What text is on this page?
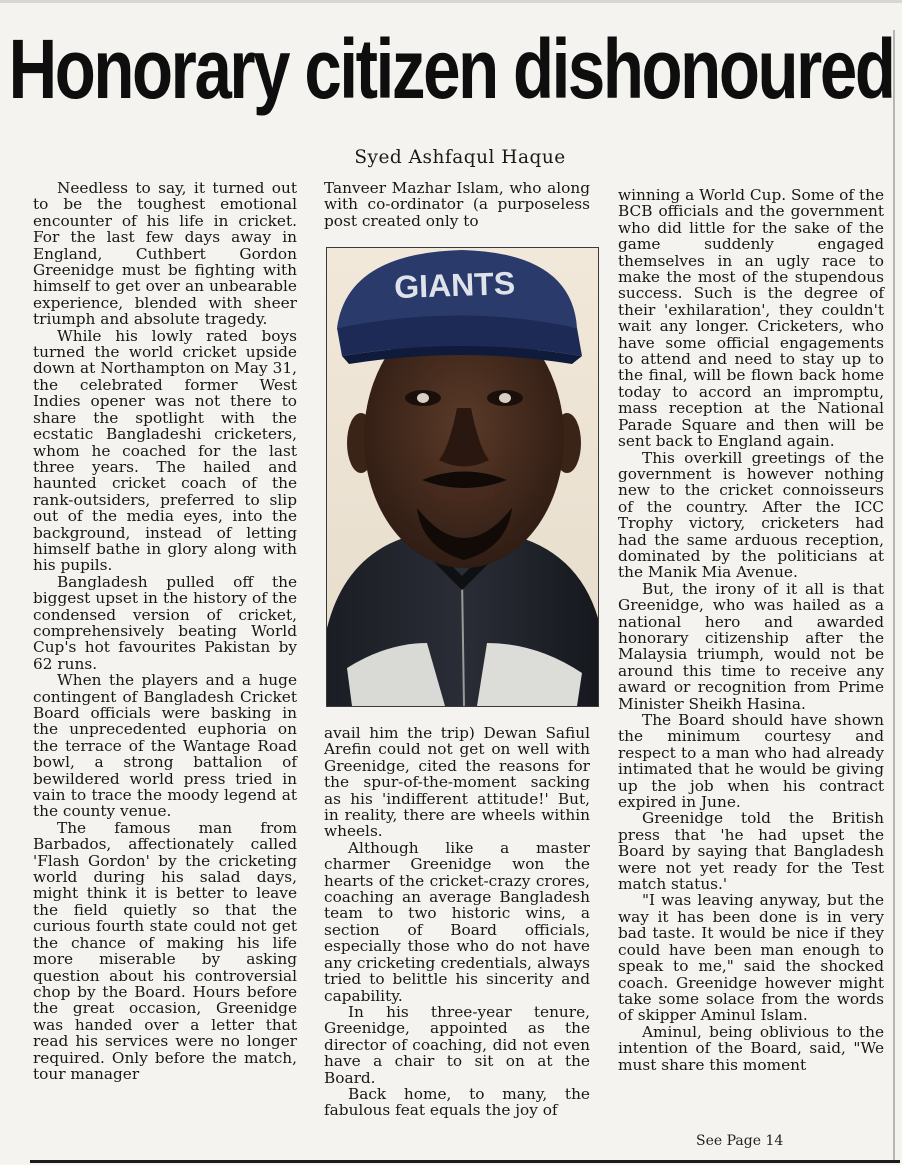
Honorary citizen dishonoured
Syed Ashfaqul Haque

Needless to say, it turned out to be the toughest emotional encounter of his life in cricket. For the last few days away in England, Cuthbert Gordon Greenidge must be fighting with himself to get over an unbearable experience, blended with sheer triumph and absolute tragedy.

While his lowly rated boys turned the world cricket upside down at Northampton on May 31, the celebrated former West Indies opener was not there to share the spotlight with the ecstatic Bangladeshi cricketers, whom he coached for the last three years. The hailed and haunted cricket coach of the rank-outsiders, preferred to slip out of the media eyes, into the background, instead of letting himself bathe in glory along with his pupils.

Bangladesh pulled off the biggest upset in the history of the condensed version of cricket, comprehensively beating World Cup's hot favourites Pakistan by 62 runs.

When the players and a huge contingent of Bangladesh Cricket Board officials were basking in the unprecedented euphoria on the terrace of the Wantage Road bowl, a strong battalion of bewildered world press tried in vain to trace the moody legend at the county venue.

The famous man from Barbados, affectionately called 'Flash Gordon' by the cricketing world during his salad days, might think it is better to leave the field quietly so that the curious fourth state could not get the chance of making his life more miserable by asking question about his controversial chop by the Board. Hours before the great occasion, Greenidge was handed over a letter that read his services were no longer required. Only before the match, tour manager

Tanveer Mazhar Islam, who along with co-ordinator (a purposeless post created only to

GIANTS

avail him the trip) Dewan Safiul Arefin could not get on well with Greenidge, cited the reasons for the spur-of-the-moment sacking as his 'indifferent attitude!' But, in reality, there are wheels within wheels.

Although like a master charmer Greenidge won the hearts of the cricket-crazy crores, coaching an average Bangladesh team to two historic wins, a section of Board officials, especially those who do not have any cricketing credentials, always tried to belittle his sincerity and capability.

In his three-year tenure, Greenidge, appointed as the director of coaching, did not even have a chair to sit on at the Board.

Back home, to many, the fabulous feat equals the joy of

winning a World Cup. Some of the BCB officials and the government who did little for the sake of the game suddenly engaged themselves in an ugly race to make the most of the stupendous success. Such is the degree of their 'exhilaration', they couldn't wait any longer. Cricketers, who have some official engagements to attend and need to stay up to the final, will be flown back home today to accord an impromptu, mass reception at the National Parade Square and then will be sent back to England again.

This overkill greetings of the government is however nothing new to the cricket connoisseurs of the country. After the ICC Trophy victory, cricketers had had the same arduous reception, dominated by the politicians at the Manik Mia Avenue.

But, the irony of it all is that Greenidge, who was hailed as a national hero and awarded honorary citizenship after the Malaysia triumph, would not be around this time to receive any award or recognition from Prime Minister Sheikh Hasina.

The Board should have shown the minimum courtesy and respect to a man who had already intimated that he would be giving up the job when his contract expired in June.

Greenidge told the British press that 'he had upset the Board by saying that Bangladesh were not yet ready for the Test match status.'

"I was leaving anyway, but the way it has been done is in very bad taste. It would be nice if they could have been man enough to speak to me," said the shocked coach. Greenidge however might take some solace from the words of skipper Aminul Islam.

Aminul, being oblivious to the intention of the Board, said, "We must share this moment

See Page 14
